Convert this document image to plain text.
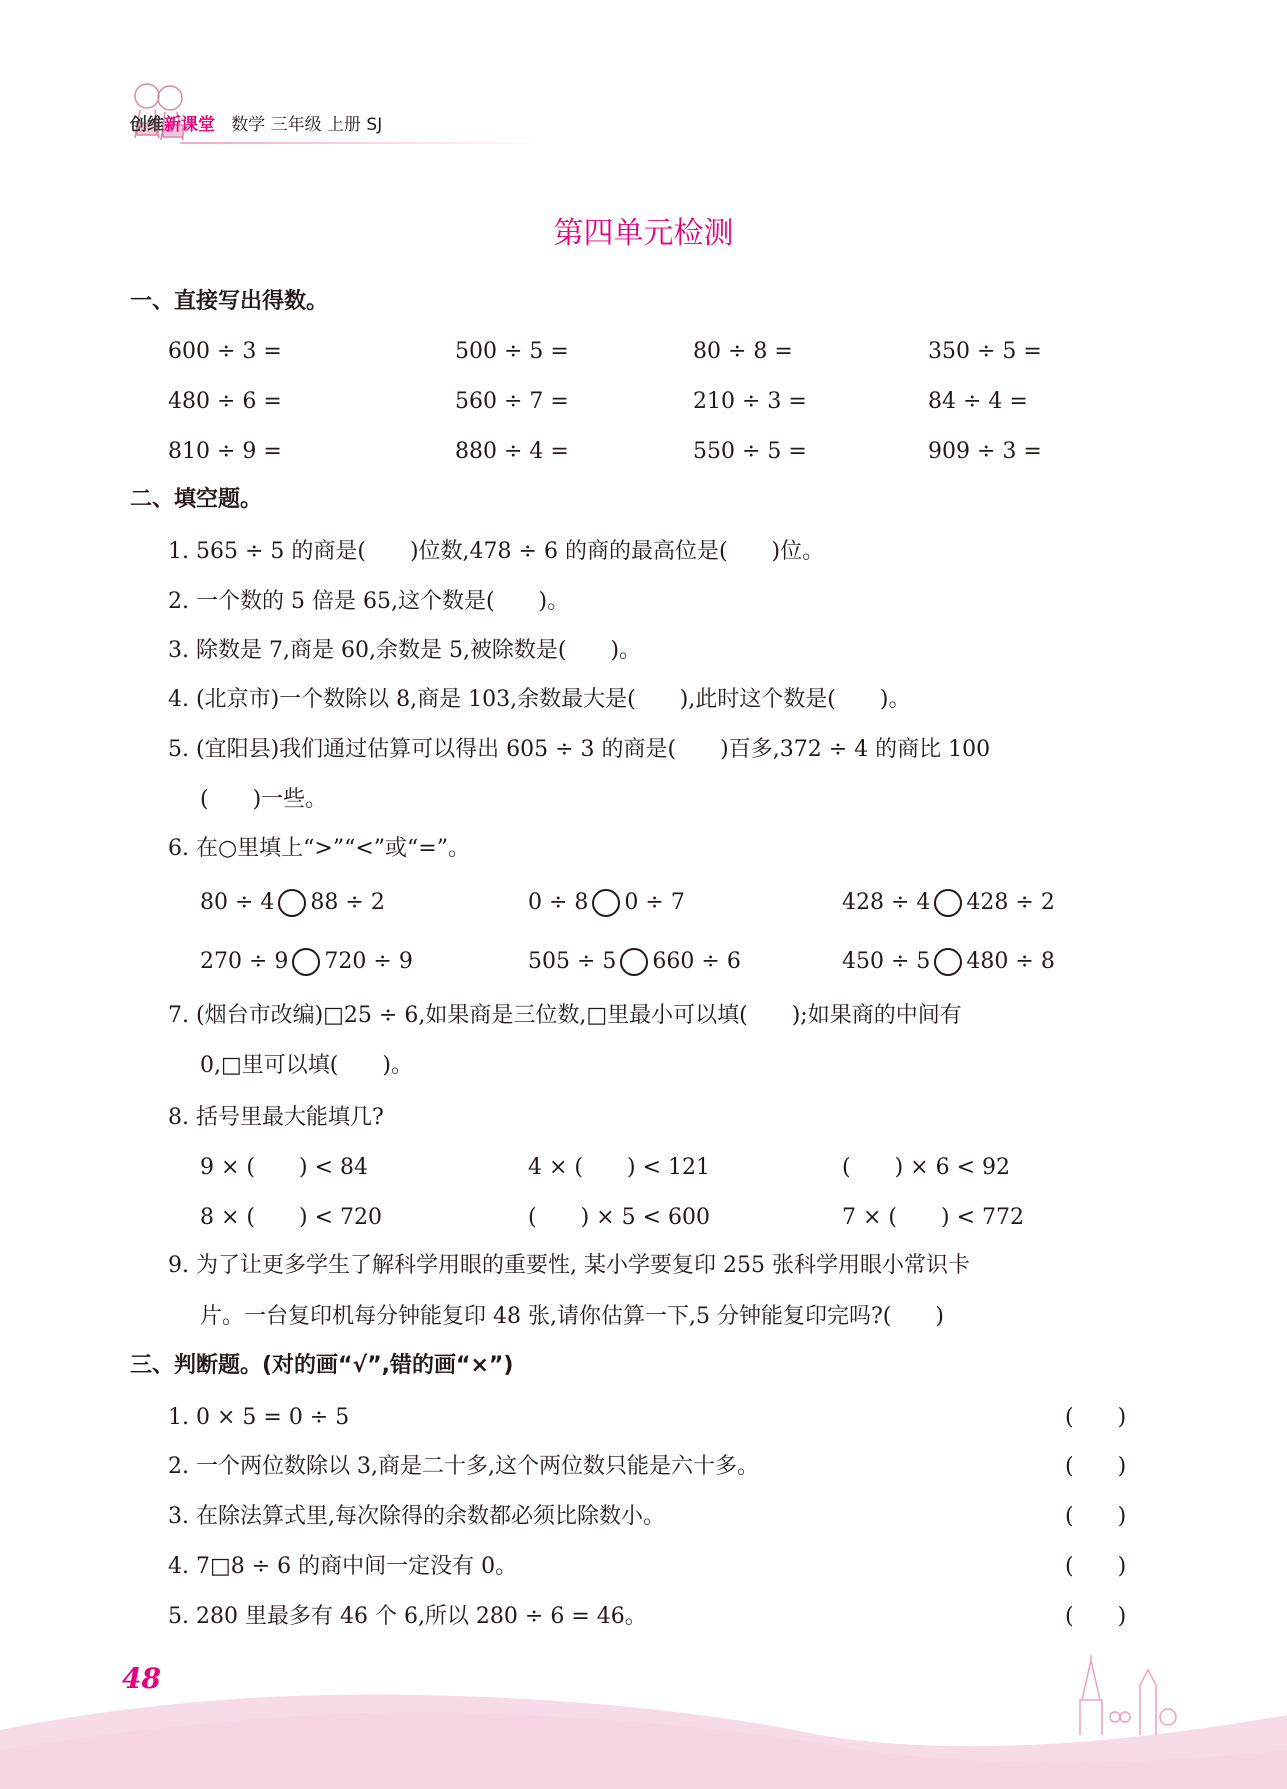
创维新课堂 数学 三年级 上册 SJ
第四单元检测
一、直接写出得数。
二、填空题。
1. 565 ÷ 5 的商是(　　)位数,478 ÷ 6 的商的最高位是(　　)位。
2. 一个数的 5 倍是 65,这个数是(　　)。
3. 除数是 7,商是 60,余数是 5,被除数是(　　)。
4. (北京市)一个数除以 8,商是 103,余数最大是(　　),此时这个数是(　　)。
5. (宜阳县)我们通过估算可以得出 605 ÷ 3 的商是(　　)百多,372 ÷ 4 的商比 100
(　　)一些。
6. 在○里填上“>”“<”或“=”。
7. (烟台市改编)□25 ÷ 6,如果商是三位数,□里最小可以填(　　);如果商的中间有
0,□里可以填(　　)。
8. 括号里最大能填几?
9. 为了让更多学生了解科学用眼的重要性, 某小学要复印 255 张科学用眼小常识卡
片。一台复印机每分钟能复印 48 张,请你估算一下,5 分钟能复印完吗?(　　)
三、判断题。(对的画“√”,错的画“×”)
48
600 ÷ 3 =	500 ÷ 5 =	80 ÷ 8 =	350 ÷ 5 =
480 ÷ 6 =	560 ÷ 7 =	210 ÷ 3 =	84 ÷ 4 =
810 ÷ 9 =	880 ÷ 4 =	550 ÷ 5 =	909 ÷ 3 =
80 ÷ 4 88 ÷ 2	0 ÷ 8 0 ÷ 7	428 ÷ 4 428 ÷ 2
270 ÷ 9 720 ÷ 9	505 ÷ 5 660 ÷ 6	450 ÷ 5 480 ÷ 8
9 × (　　) < 84	4 × (　　) < 121	(　　) × 6 < 92
8 × (　　) < 720	(　　) × 5 < 600	7 × (　　) < 772
1. 0 × 5 = 0 ÷ 5	(　　)
2. 一个两位数除以 3,商是二十多,这个两位数只能是六十多。	(　　)
3. 在除法算式里,每次除得的余数都必须比除数小。	(　　)
4. 7□8 ÷ 6 的商中间一定没有 0。	(　　)
5. 280 里最多有 46 个 6,所以 280 ÷ 6 = 46。	(　　)
